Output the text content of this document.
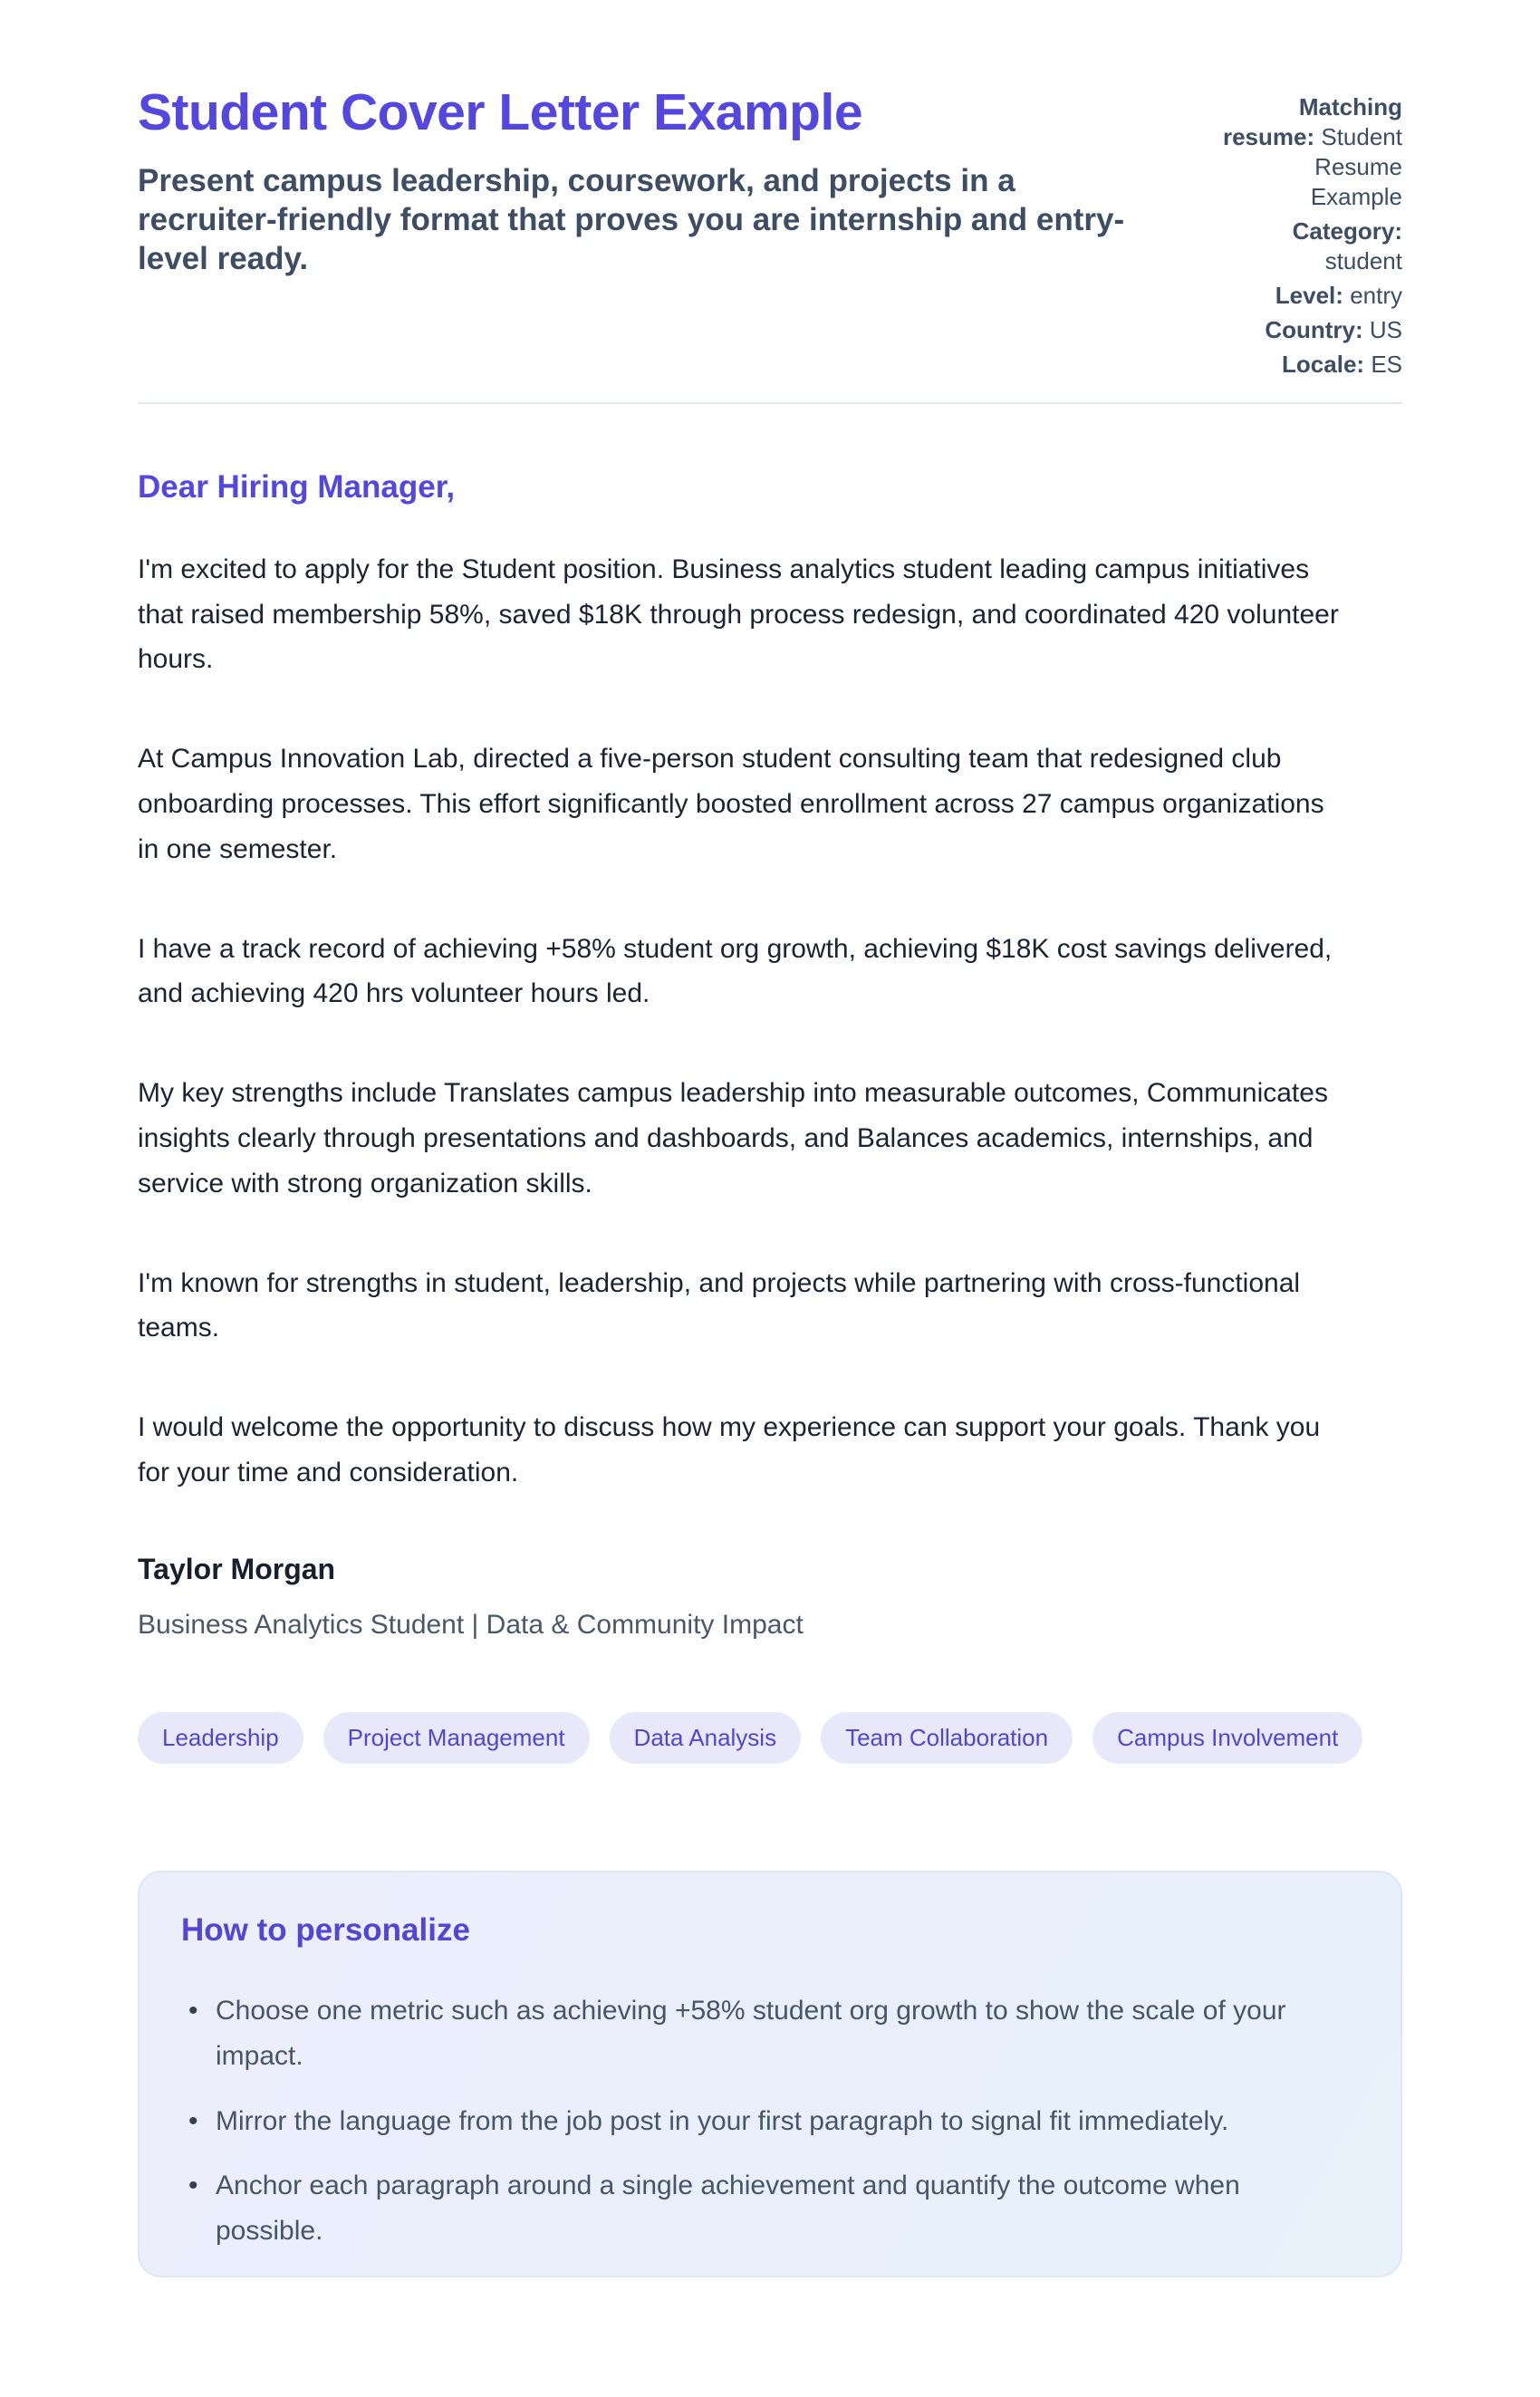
Student Cover Letter Example

Present campus leadership, coursework, and projects in a recruiter-friendly format that proves you are internship and entry-level ready.

Matching resume: Student Resume Example
Category: student
Level: entry
Country: US
Locale: ES
Dear Hiring Manager,

I'm excited to apply for the Student position. Business analytics student leading campus initiatives that raised membership 58%, saved $18K through process redesign, and coordinated 420 volunteer hours.

At Campus Innovation Lab, directed a five-person student consulting team that redesigned club onboarding processes. This effort significantly boosted enrollment across 27 campus organizations in one semester.

I have a track record of achieving +58% student org growth, achieving $18K cost savings delivered, and achieving 420 hrs volunteer hours led.

My key strengths include Translates campus leadership into measurable outcomes, Communicates insights clearly through presentations and dashboards, and Balances academics, internships, and service with strong organization skills.

I'm known for strengths in student, leadership, and projects while partnering with cross-functional teams.

I would welcome the opportunity to discuss how my experience can support your goals. Thank you for your time and consideration.

Taylor Morgan

Business Analytics Student | Data & Community Impact

Leadership	Project Management	Data Analysis	Team Collaboration	Campus Involvement
How to personalize
• Choose one metric such as achieving +58% student org growth to show the scale of your impact.
• Mirror the language from the job post in your first paragraph to signal fit immediately.
• Anchor each paragraph around a single achievement and quantify the outcome when possible.
